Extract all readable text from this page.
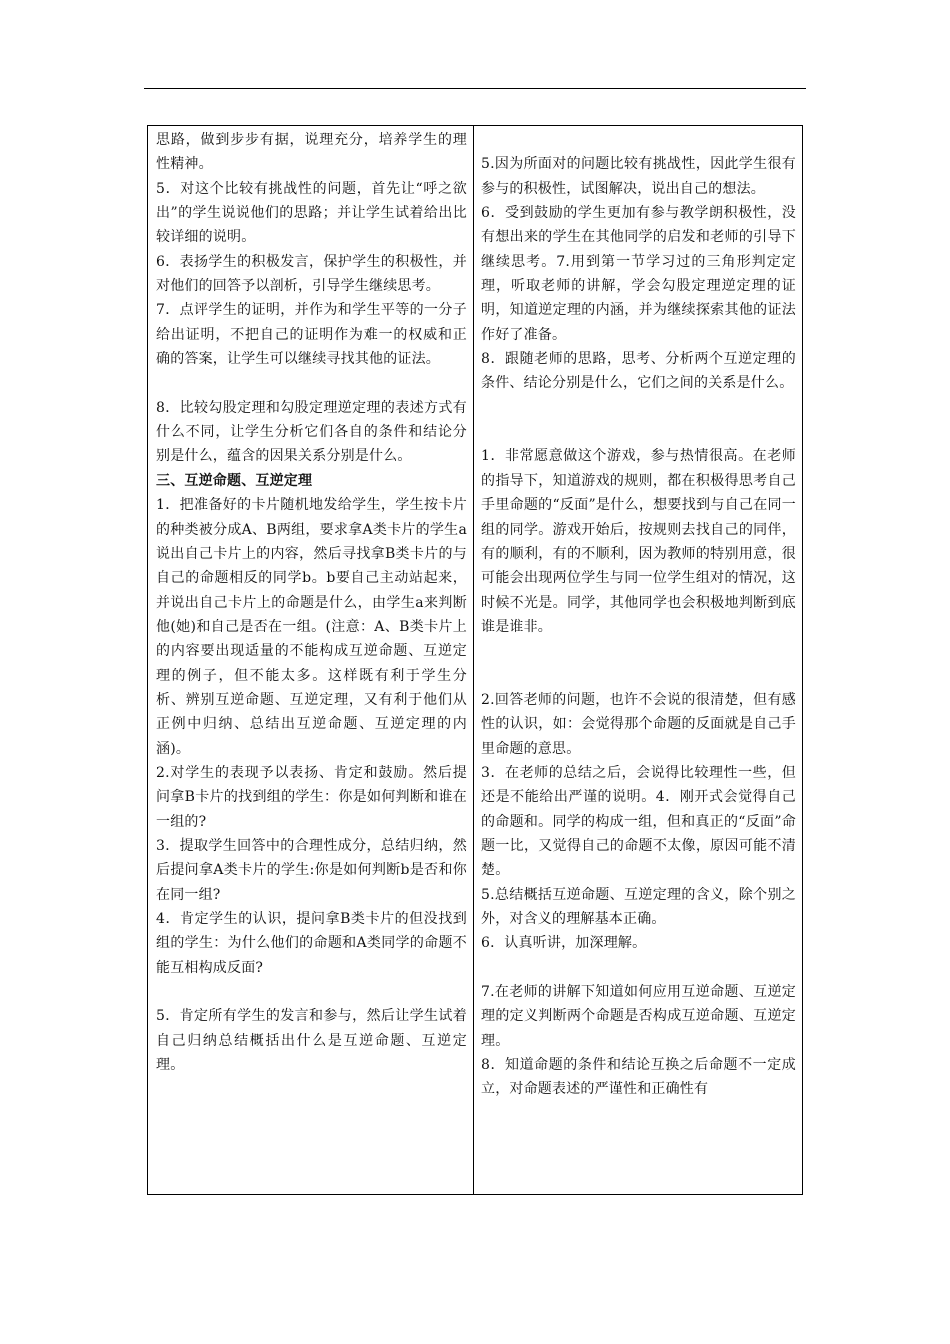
思路，做到步步有据，说理充分，培养学生的理性精神。

5．对这个比较有挑战性的问题，首先让“呼之欲出”的学生说说他们的思路；并让学生试着给出比较详细的说明。

6．表扬学生的积极发言，保护学生的积极性，并对他们的回答予以剖析，引导学生继续思考。

7．点评学生的证明，并作为和学生平等的一分子给出证明，不把自己的证明作为难一的权威和正确的答案，让学生可以继续寻找其他的证法。

8．比较勾股定理和勾股定理逆定理的表述方式有什么不同，让学生分析它们各自的条件和结论分别是什么，蕴含的因果关系分别是什么。

三、互逆命题、互逆定理

1．把准备好的卡片随机地发给学生，学生按卡片的种类被分成A、B两组，要求拿A类卡片的学生a说出自己卡片上的内容，然后寻找拿B类卡片的与自己的命题相反的同学b。b要自己主动站起来，并说出自己卡片上的命题是什么，由学生a来判断他(她)和自己是否在一组。(注意：A、B类卡片上的内容要出现适量的不能构成互逆命题、互逆定理的例子，但不能太多。这样既有利于学生分析、辨别互逆命题、互逆定理，又有利于他们从正例中归纳、总结出互逆命题、互逆定理的内涵)。

2.对学生的表现予以表扬、肯定和鼓励。然后提问拿B卡片的找到组的学生：你是如何判断和谁在一组的?

3．提取学生回答中的合理性成分，总结归纳，然后提问拿A类卡片的学生:你是如何判断b是否和你在同一组?

4．肯定学生的认识，提问拿B类卡片的但没找到组的学生：为什么他们的命题和A类同学的命题不能互相构成反面?

5．肯定所有学生的发言和参与，然后让学生试着自己归纳总结概括出什么是互逆命题、互逆定理。

5.因为所面对的问题比较有挑战性，因此学生很有参与的积极性，试图解决，说出自己的想法。

6．受到鼓励的学生更加有参与教学朗积极性，没有想出来的学生在其他同学的启发和老师的引导下继续思考。7.用到第一节学习过的三角形判定定理，听取老师的讲解，学会勾股定理逆定理的证明，知道逆定理的内涵，并为继续探索其他的证法作好了准备。

8．跟随老师的思路，思考、分析两个互逆定理的条件、结论分别是什么，它们之间的关系是什么。

1．非常愿意做这个游戏，参与热情很高。在老师的指导下，知道游戏的规则，都在积极得思考自己手里命题的“反面”是什么，想要找到与自己在同一组的同学。游戏开始后，按规则去找自己的同伴，有的顺利，有的不顺利，因为教师的特别用意，很可能会出现两位学生与同一位学生组对的情况，这时候不光是。同学，其他同学也会积极地判断到底谁是谁非。

2.回答老师的问题，也许不会说的很清楚，但有感性的认识，如：会觉得那个命题的反面就是自己手里命题的意思。

3．在老师的总结之后，会说得比较理性一些，但还是不能给出严谨的说明。4．刚开式会觉得自己的命题和。同学的构成一组，但和真正的“反面”命题一比，又觉得自己的命题不太像，原因可能不清楚。

5.总结概括互逆命题、互逆定理的含义，除个别之外，对含义的理解基本正确。

6．认真听讲，加深理解。

7.在老师的讲解下知道如何应用互逆命题、互逆定理的定义判断两个命题是否构成互逆命题、互逆定理。

8．知道命题的条件和结论互换之后命题不一定成立，对命题表述的严谨性和正确性有
